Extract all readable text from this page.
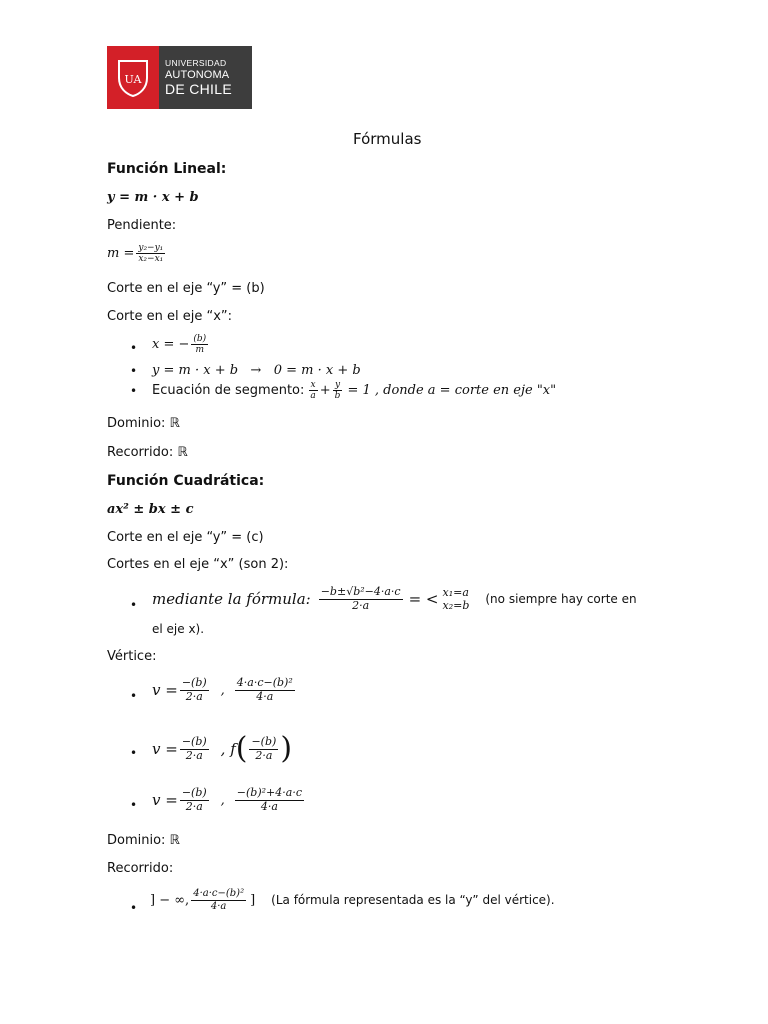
UA
UNIVERSIDAD
AUTONOMA
DE CHILE
Fórmulas
Función Lineal:
y = m · x + b
Pendiente:
$m = \frac{\text{y₂−y₁}}{\text{x₂−x₁}}$
Corte en el eje “y” = (b)
Corte en el eje “x”:
• x = − $\frac{(b)}{m}$
• y = m · x + b   →   0 = m · x + b
• Ecuación de segmento: $\frac{x}{a} + \frac{y}{b} = 1$ , donde a = corte en eje "x"
Dominio: ℝ
Recorrido: ℝ
Función Cuadrática:
ax² ± bx ± c
Corte en el eje “y” = (c)
Cortes en el eje “x” (son 2):
• mediante la fórmula: $\frac{\text{−b±√b²−4·a·c}}{2\cdot a}$ = < x₁=a
x₂=b (no siempre hay corte en
el eje x).
Vértice:
• $v = \frac{-(b)}{2\cdot a}$ , $\frac{\text{4·a·c−(b)²}}{4\cdot a}$
• $v = \frac{-(b)}{2\cdot a}$ , f ( $\frac{-(b)}{2\cdot a}$ )
• $v = \frac{-(b)}{2\cdot a}$ , $\frac{\text{−(b)²+4·a·c}}{4\cdot a}$
Dominio: ℝ
Recorrido:
•
] − ∞, $\frac{\text{4·a·c−(b)²}}{4\cdot a}$ ] (La fórmula representada es la “y” del vértice).
